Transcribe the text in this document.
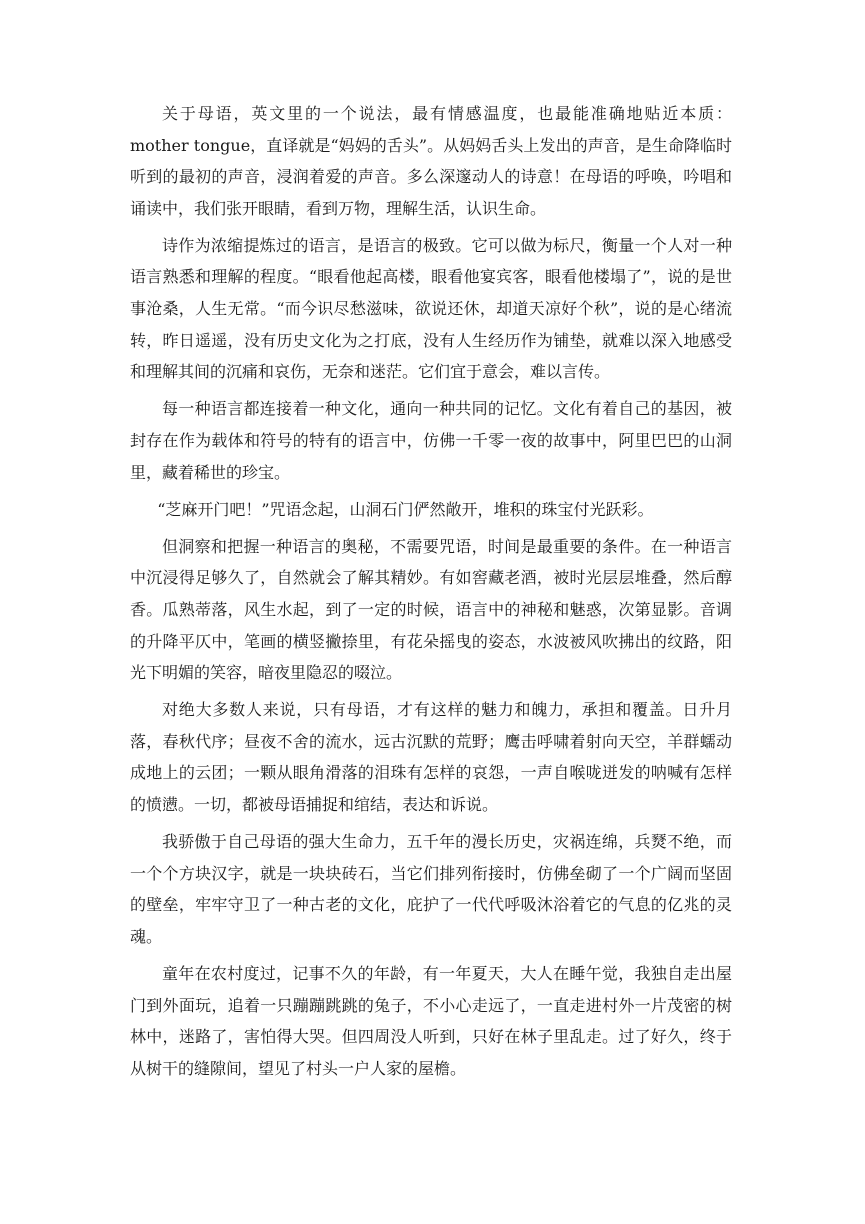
关于母语，英文里的一个说法，最有情感温度，也最能准确地贴近本质：mother tongue，直译就是“妈妈的舌头”。从妈妈舌头上发出的声音，是生命降临时听到的最初的声音，浸润着爱的声音。多么深邃动人的诗意！在母语的呼唤，吟唱和诵读中，我们张开眼睛，看到万物，理解生活，认识生命。

诗作为浓缩提炼过的语言，是语言的极致。它可以做为标尺，衡量一个人对一种语言熟悉和理解的程度。“眼看他起高楼，眼看他宴宾客，眼看他楼塌了”，说的是世事沧桑，人生无常。“而今识尽愁滋味，欲说还休，却道天凉好个秋”，说的是心绪流转，昨日遥遥，没有历史文化为之打底，没有人生经历作为铺垫，就难以深入地感受和理解其间的沉痛和哀伤，无奈和迷茫。它们宜于意会，难以言传。

每一种语言都连接着一种文化，通向一种共同的记忆。文化有着自己的基因，被封存在作为载体和符号的特有的语言中，仿佛一千零一夜的故事中，阿里巴巴的山洞里，藏着稀世的珍宝。

“芝麻开门吧！”咒语念起，山洞石门俨然敞开，堆积的珠宝付光跃彩。

但洞察和把握一种语言的奥秘，不需要咒语，时间是最重要的条件。在一种语言中沉浸得足够久了，自然就会了解其精妙。有如窖藏老酒，被时光层层堆叠，然后醇香。瓜熟蒂落，风生水起，到了一定的时候，语言中的神秘和魅惑，次第显影。音调的升降平仄中，笔画的横竖撇捺里，有花朵摇曳的姿态，水波被风吹拂出的纹路，阳光下明媚的笑容，暗夜里隐忍的啜泣。

对绝大多数人来说，只有母语，才有这样的魅力和魄力，承担和覆盖。日升月落，春秋代序；昼夜不舍的流水，远古沉默的荒野；鹰击呼啸着射向天空，羊群蠕动成地上的云团；一颗从眼角滑落的泪珠有怎样的哀怨，一声自喉咙迸发的呐喊有怎样的愤懑。一切，都被母语捕捉和绾结，表达和诉说。

我骄傲于自己母语的强大生命力，五千年的漫长历史，灾祸连绵，兵燹不绝，而一个个方块汉字，就是一块块砖石，当它们排列衔接时，仿佛垒砌了一个广阔而坚固的壁垒，牢牢守卫了一种古老的文化，庇护了一代代呼吸沐浴着它的气息的亿兆的灵魂。

童年在农村度过，记事不久的年龄，有一年夏天，大人在睡午觉，我独自走出屋门到外面玩，追着一只蹦蹦跳跳的兔子，不小心走远了，一直走进村外一片茂密的树林中，迷路了，害怕得大哭。但四周没人听到，只好在林子里乱走。过了好久，终于从树干的缝隙间，望见了村头一户人家的屋檐。
